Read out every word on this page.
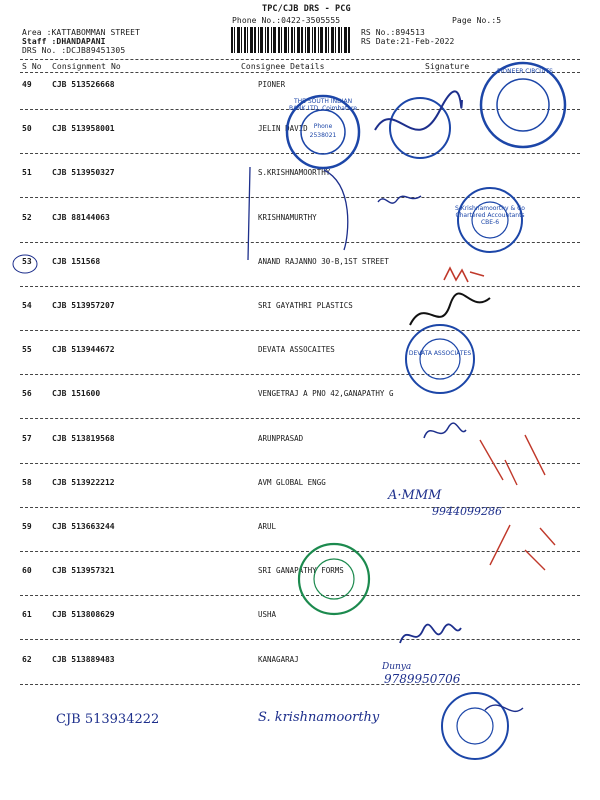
TPC/CJB DRS - PCG
Phone No.:0422-3505555	Page No.:5
Area :KATTABOMMAN STREET
Staff :DHANDAPANI
DRS No. :DCJB89451305
RS No.:894513
RS Date:21-Feb-2022
S No Consignment No	Consignee Details	Signature
49	CJB 513526668	PIONER
50	CJB 513958001	JELIN DAVID
51	CJB 513950327	S.KRISHNAMOORTHY
52	CJB 88144063	KRISHNAMURTHY
53	CJB 151568	ANAND RAJANNO 30-B,1ST STREET
54	CJB 513957207	SRI GAYATHRI PLASTICS
55	CJB 513944672	DEVATA ASSOCAITES
56	CJB 151600	VENGETRAJ A PNO 42,GANAPATHY G
57	CJB 513819568	ARUNPRASAD
58	CJB 513922212	AVM GLOBAL ENGG
59	CJB 513663244	ARUL
60	CJB 513957321	SRI GANAPATHY FORMS
61	CJB 513808629	USHA
62	CJB 513889483	KANAGARAJ
Phone
2538021
THE SOUTH INDIAN BANK LTD. Coimbatore
PIONEER CIRCUITS
S.Krishnamoorthy & Co Chartered Accountants CBE-6
DEVATA ASSOCIATES
A·MMM
9944099286
Dunya
9789950706
CJB 513934222	S. krishnamoorthy
